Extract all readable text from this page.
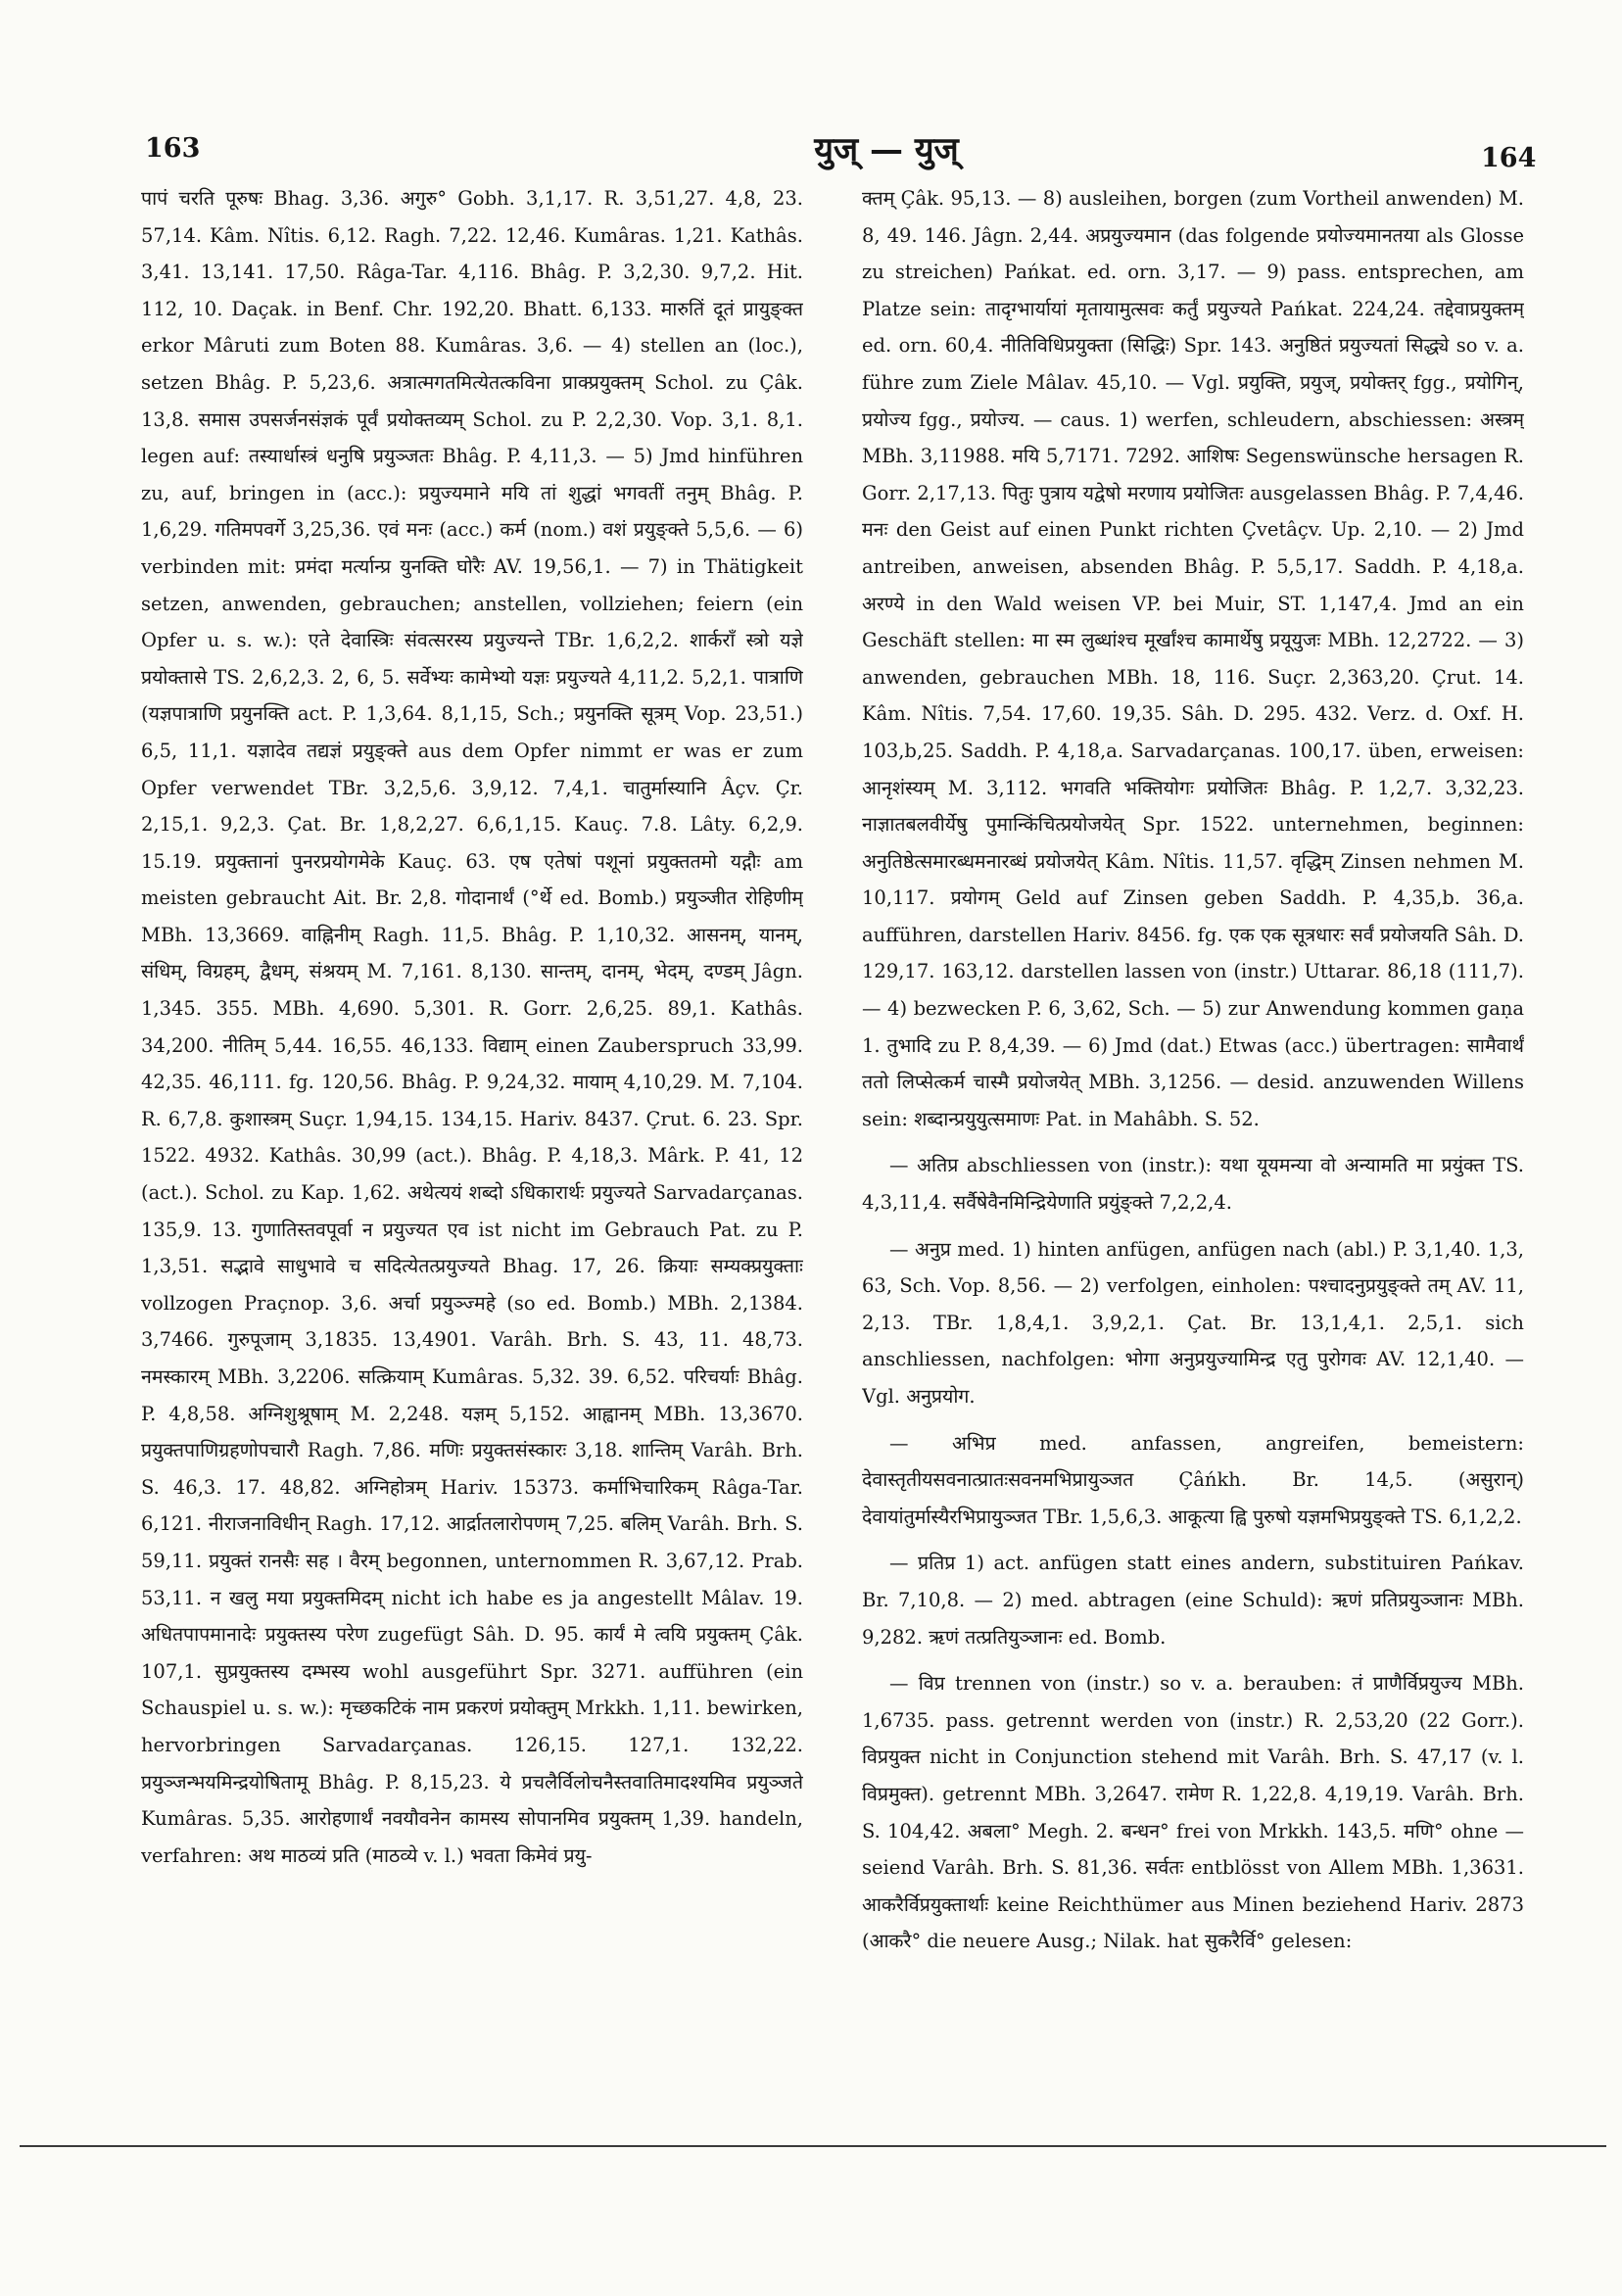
163	युज् — युज्	164

पापं चरति पूरुषः Bhag. 3,36. अगुरु° Gobh. 3,1,17. R. 3,51,27. 4,8, 23. 57,14. Kâm. Nîtis. 6,12. Ragh. 7,22. 12,46. Kumâras. 1,21. Kathâs. 3,41. 13,141. 17,50. Râga-Tar. 4,116. Bhâg. P. 3,2,30. 9,7,2. Hit. 112, 10. Daçak. in Benf. Chr. 192,20. Bhatt. 6,133. मारुतिं दूतं प्रायुङ्क्त erkor Mâruti zum Boten 88. Kumâras. 3,6. — 4) stellen an (loc.), setzen Bhâg. P. 5,23,6. अत्रात्मगतमित्येतत्कविना प्राक्प्रयुक्तम् Schol. zu Çâk. 13,8. समास उपसर्जनसंज्ञकं पूर्वं प्रयोक्तव्यम् Schol. zu P. 2,2,30. Vop. 3,1. 8,1. legen auf: तस्यार्धास्त्रं धनुषि प्रयुञ्जतः Bhâg. P. 4,11,3. — 5) Jmd hinführen zu, auf, bringen in (acc.): प्रयुज्यमाने मयि तां शुद्धां भगवतीं तनुम् Bhâg. P. 1,6,29. गतिमपवर्गे 3,25,36. एवं मनः (acc.) कर्म (nom.) वशं प्रयुङ्क्ते 5,5,6. — 6) verbinden mit: प्रमंदा मर्त्यान्प्र युनक्ति घोरैः AV. 19,56,1. — 7) in Thätigkeit setzen, anwenden, gebrauchen; anstellen, vollziehen; feiern (ein Opfer u. s. w.): एते देवास्त्रिः संवत्सरस्य प्रयुज्यन्ते TBr. 1,6,2,2. शार्कराँ स्त्रो यज्ञे प्रयोक्तासे TS. 2,6,2,3. 2, 6, 5. सर्वेभ्यः कामेभ्यो यज्ञः प्रयुज्यते 4,11,2. 5,2,1. पात्राणि (यज्ञपात्राणि प्रयुनक्ति act. P. 1,3,64. 8,1,15, Sch.; प्रयुनक्ति सूत्रम् Vop. 23,51.) 6,5, 11,1. यज्ञादेव तद्यज्ञं प्रयुङ्क्ते aus dem Opfer nimmt er was er zum Opfer verwendet TBr. 3,2,5,6. 3,9,12. 7,4,1. चातुर्मास्यानि Âçv. Çr. 2,15,1. 9,2,3. Çat. Br. 1,8,2,27. 6,6,1,15. Kauç. 7.8. Lâty. 6,2,9. 15.19. प्रयुक्तानां पुनरप्रयोगमेके Kauç. 63. एष एतेषां पशूनां प्रयुक्ततमो यद्गौः am meisten gebraucht Ait. Br. 2,8. गोदानार्थं (°र्थे ed. Bomb.) प्रयुञ्जीत रोहिणीम् MBh. 13,3669. वाह्निनीम् Ragh. 11,5. Bhâg. P. 1,10,32. आसनम्, यानम्, संधिम्, विग्रहम्, द्वैधम्, संश्रयम् M. 7,161. 8,130. सान्तम्, दानम्, भेदम्, दण्डम् Jâgn. 1,345. 355. MBh. 4,690. 5,301. R. Gorr. 2,6,25. 89,1. Kathâs. 34,200. नीतिम् 5,44. 16,55. 46,133. विद्याम् einen Zauberspruch 33,99. 42,35. 46,111. fg. 120,56. Bhâg. P. 9,24,32. मायाम् 4,10,29. M. 7,104. R. 6,7,8. कुशास्त्रम् Suçr. 1,94,15. 134,15. Hariv. 8437. Çrut. 6. 23. Spr. 1522. 4932. Kathâs. 30,99 (act.). Bhâg. P. 4,18,3. Mârk. P. 41, 12 (act.). Schol. zu Kap. 1,62. अथेत्ययं शब्दो ऽधिकारार्थः प्रयुज्यते Sarvadarçanas. 135,9. 13. गुणातिस्तवपूर्वा न प्रयुज्यत एव ist nicht im Gebrauch Pat. zu P. 1,3,51. सद्भावे साधुभावे च सदित्येतत्प्रयुज्यते Bhag. 17, 26. क्रियाः सम्यक्प्रयुक्ताः vollzogen Praçnop. 3,6. अर्चा प्रयुञ्ज्महे (so ed. Bomb.) MBh. 2,1384. 3,7466. गुरुपूजाम् 3,1835. 13,4901. Varâh. Brh. S. 43, 11. 48,73. नमस्कारम् MBh. 3,2206. सत्क्रियाम् Kumâras. 5,32. 39. 6,52. परिचर्याः Bhâg. P. 4,8,58. अग्निशुश्रूषाम् M. 2,248. यज्ञम् 5,152. आह्वानम् MBh. 13,3670. प्रयुक्तपाणिग्रहणोपचारौ Ragh. 7,86. मणिः प्रयुक्तसंस्कारः 3,18. शान्तिम् Varâh. Brh. S. 46,3. 17. 48,82. अग्निहोत्रम् Hariv. 15373. कर्माभिचारिकम् Râga-Tar. 6,121. नीराजनाविधीन् Ragh. 17,12. आर्द्रातलारोपणम् 7,25. बलिम् Varâh. Brh. S. 59,11. प्रयुक्तं रानसैः सह । वैरम् begonnen, unternommen R. 3,67,12. Prab. 53,11. न खलु मया प्रयुक्तमिदम् nicht ich habe es ja angestellt Mâlav. 19. अधितपापमानादेः प्रयुक्तस्य परेण zugefügt Sâh. D. 95. कार्यं मे त्वयि प्रयुक्तम् Çâk. 107,1. सुप्रयुक्तस्य दम्भस्य wohl ausgeführt Spr. 3271. aufführen (ein Schauspiel u. s. w.): मृच्छकटिकं नाम प्रकरणं प्रयोक्तुम् Mrkkh. 1,11. bewirken, hervorbringen Sarvadarçanas. 126,15. 127,1. 132,22. प्रयुञ्जन्भयमिन्द्रयोषितामू Bhâg. P. 8,15,23. ये प्रचलैर्विलोचनैस्तवातिमादश्यमिव प्रयुञ्जते Kumâras. 5,35. आरोहणार्थं नवयौवनेन कामस्य सोपानमिव प्रयुक्तम् 1,39. handeln, verfahren: अथ माठव्यं प्रति (माठव्ये v. l.) भवता किमेवं प्रयु-

क्तम् Çâk. 95,13. — 8) ausleihen, borgen (zum Vortheil anwenden) M. 8, 49. 146. Jâgn. 2,44. अप्रयुज्यमान (das folgende प्रयोज्यमानतया als Glosse zu streichen) Pańkat. ed. orn. 3,17. — 9) pass. entsprechen, am Platze sein: तादृग्भार्यायां मृतायामुत्सवः कर्तुं प्रयुज्यते Pańkat. 224,24. तद्देवाप्रयुक्तम् ed. orn. 60,4. नीतिविधिप्रयुक्ता (सिद्धिः) Spr. 143. अनुष्ठितं प्रयुज्यतां सिद्ध्ये so v. a. führe zum Ziele Mâlav. 45,10. — Vgl. प्रयुक्ति, प्रयुज्, प्रयोक्तर् fgg., प्रयोगिन्, प्रयोज्य fgg., प्रयोज्य. — caus. 1) werfen, schleudern, abschiessen: अस्त्रम् MBh. 3,11988. मयि 5,7171. 7292. आशिषः Segenswünsche hersagen R. Gorr. 2,17,13. पितुः पुत्राय यद्वेषो मरणाय प्रयोजितः ausgelassen Bhâg. P. 7,4,46. मनः den Geist auf einen Punkt richten Çvetâçv. Up. 2,10. — 2) Jmd antreiben, anweisen, absenden Bhâg. P. 5,5,17. Saddh. P. 4,18,a. अरण्ये in den Wald weisen VP. bei Muir, ST. 1,147,4. Jmd an ein Geschäft stellen: मा स्म लुब्धांश्च मूर्खांश्च कामार्थेषु प्रयूयुजः MBh. 12,2722. — 3) anwenden, gebrauchen MBh. 18, 116. Suçr. 2,363,20. Çrut. 14. Kâm. Nîtis. 7,54. 17,60. 19,35. Sâh. D. 295. 432. Verz. d. Oxf. H. 103,b,25. Saddh. P. 4,18,a. Sarvadarçanas. 100,17. üben, erweisen: आनृशंस्यम् M. 3,112. भगवति भक्तियोगः प्रयोजितः Bhâg. P. 1,2,7. 3,32,23. नाज्ञातबलवीर्येषु पुमान्किंचित्प्रयोजयेत् Spr. 1522. unternehmen, beginnen: अनुतिष्ठेत्समारब्धमनारब्धं प्रयोजयेत् Kâm. Nîtis. 11,57. वृद्धिम् Zinsen nehmen M. 10,117. प्रयोगम् Geld auf Zinsen geben Saddh. P. 4,35,b. 36,a. aufführen, darstellen Hariv. 8456. fg. एक एक सूत्रधारः सर्वं प्रयोजयति Sâh. D. 129,17. 163,12. darstellen lassen von (instr.) Uttarar. 86,18 (111,7). — 4) bezwecken P. 6, 3,62, Sch. — 5) zur Anwendung kommen gaṇa 1. तुभादि zu P. 8,4,39. — 6) Jmd (dat.) Etwas (acc.) übertragen: सामैवार्थं ततो लिप्सेत्कर्म चास्मै प्रयोजयेत् MBh. 3,1256. — desid. anzuwenden Willens sein: शब्दान्प्रयुयुत्समाणः Pat. in Mahâbh. S. 52.

— अतिप्र abschliessen von (instr.): यथा यूयमन्या वो अन्यामति मा प्रयुंक्त TS. 4,3,11,4. सर्वैषेवैनमिन्द्रियेणाति प्रयुंङ्क्ते 7,2,2,4.

— अनुप्र med. 1) hinten anfügen, anfügen nach (abl.) P. 3,1,40. 1,3, 63, Sch. Vop. 8,56. — 2) verfolgen, einholen: पश्चादनुप्रयुङ्क्ते तम् AV. 11, 2,13. TBr. 1,8,4,1. 3,9,2,1. Çat. Br. 13,1,4,1. 2,5,1. sich anschliessen, nachfolgen: भोगा अनुप्रयुज्यामिन्द्र एतु पुरोगवः AV. 12,1,40. — Vgl. अनुप्रयोग.

— अभिप्र med. anfassen, angreifen, bemeistern: देवास्तृतीयसवनात्प्रातःसवनमभिप्रायुञ्जत Çâńkh. Br. 14,5. (असुरान्) देवायांतुर्मास्यैरभिप्रायुञ्जत TBr. 1,5,6,3. आकूत्या ह्वि पुरुषो यज्ञमभिप्रयुङ्क्ते TS. 6,1,2,2.

— प्रतिप्र 1) act. anfügen statt eines andern, substituiren Pańkav. Br. 7,10,8. — 2) med. abtragen (eine Schuld): ऋणं प्रतिप्रयुञ्जानः MBh. 9,282. ऋणं तत्प्रतियुञ्जानः ed. Bomb.

— विप्र trennen von (instr.) so v. a. berauben: तं प्राणैर्विप्रयुज्य MBh. 1,6735. pass. getrennt werden von (instr.) R. 2,53,20 (22 Gorr.). विप्रयुक्त nicht in Conjunction stehend mit Varâh. Brh. S. 47,17 (v. l. विप्रमुक्त). getrennt MBh. 3,2647. रामेण R. 1,22,8. 4,19,19. Varâh. Brh. S. 104,42. अबला° Megh. 2. बन्धन° frei von Mrkkh. 143,5. मणि° ohne — seiend Varâh. Brh. S. 81,36. सर्वतः entblösst von Allem MBh. 1,3631. आकरैर्विप्रयुक्तार्थाः keine Reichthümer aus Minen beziehend Hariv. 2873 (आकरै° die neuere Ausg.; Nilak. hat सुकरैर्वि° gelesen:
